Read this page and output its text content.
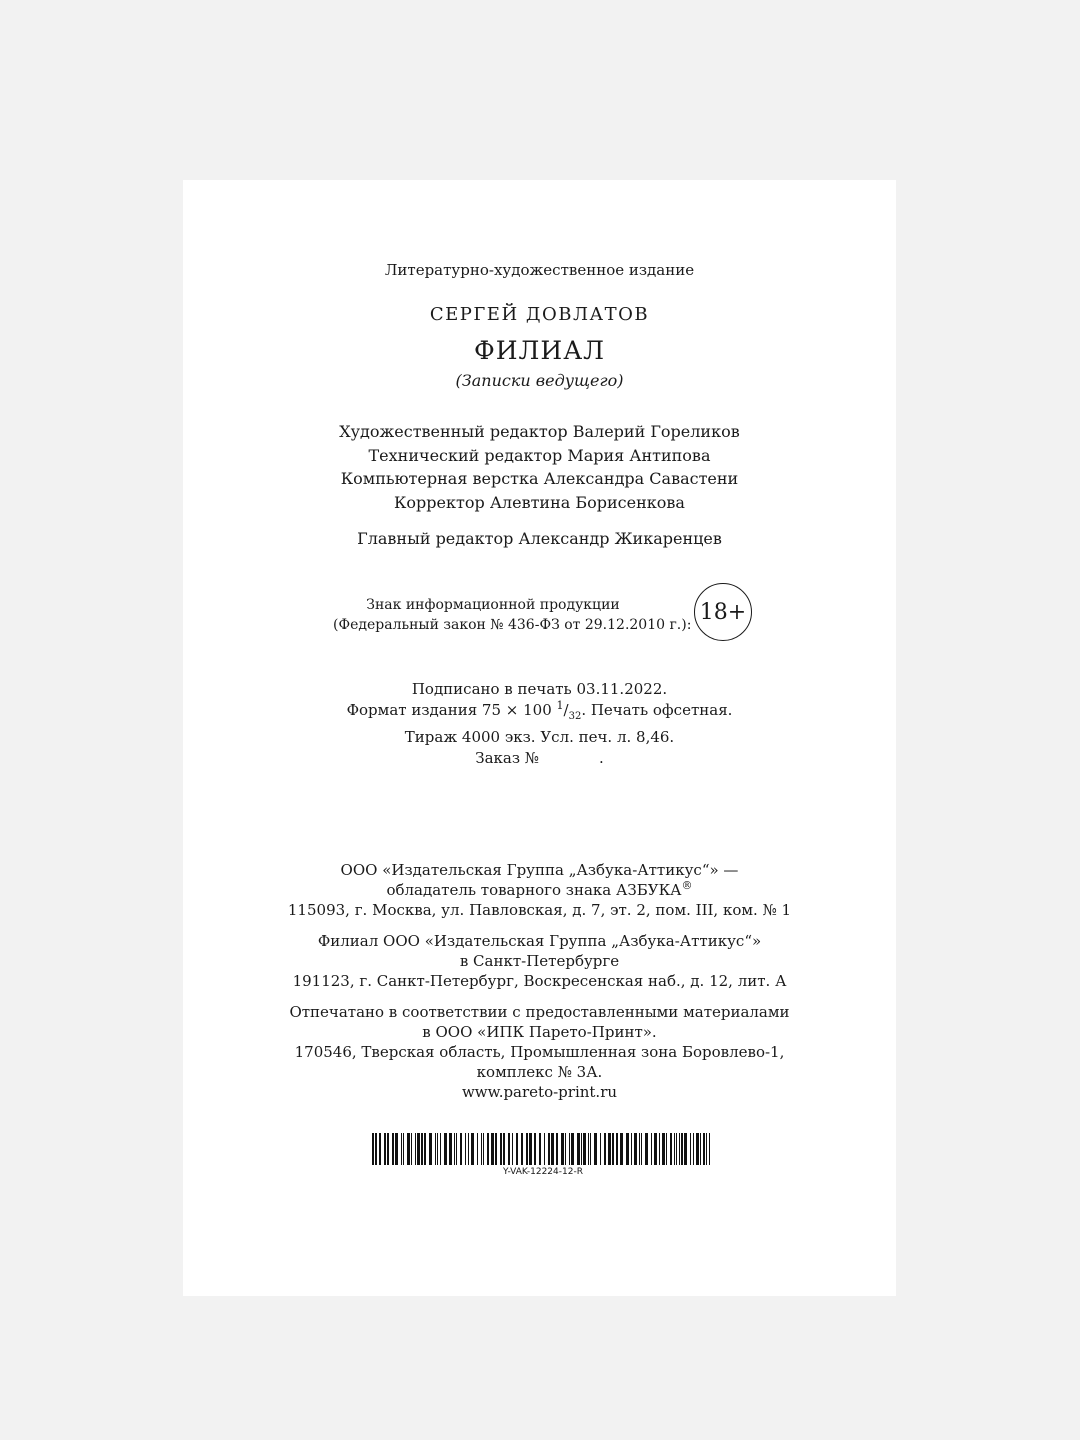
Литературно-художественное издание
СЕРГЕЙ ДОВЛАТОВ
ФИЛИАЛ
(Записки ведущего)
Художественный редактор Валерий Гореликов
Технический редактор Мария Антипова
Компьютерная верстка Александра Савастени
Корректор Алевтина Борисенкова
Главный редактор Александр Жикаренцев
Знак информационной продукции
(Федеральный закон № 436-ФЗ от 29.12.2010 г.):
18+
Подписано в печать 03.11.2022.
Формат издания 75 × 100 $^1/_{32}$. Печать офсетная.
Тираж 4000 экз. Усл. печ. л. 8,46.
Заказ №	.
ООО «Издательская Группа „Азбука-Аттикус“» —
обладатель товарного знака АЗБУКА®
115093, г. Москва, ул. Павловская, д. 7, эт. 2, пом. III, ком. № 1
Филиал ООО «Издательская Группа „Азбука-Аттикус“»
в Санкт-Петербурге
191123, г. Санкт-Петербург, Воскресенская наб., д. 12, лит. А
Отпечатано в соответствии с предоставленными материалами
в ООО «ИПК Парето-Принт».
170546, Тверская область, Промышленная зона Боровлево-1,
комплекс № 3А.
www.pareto-print.ru
Y-VAK-12224-12-R
